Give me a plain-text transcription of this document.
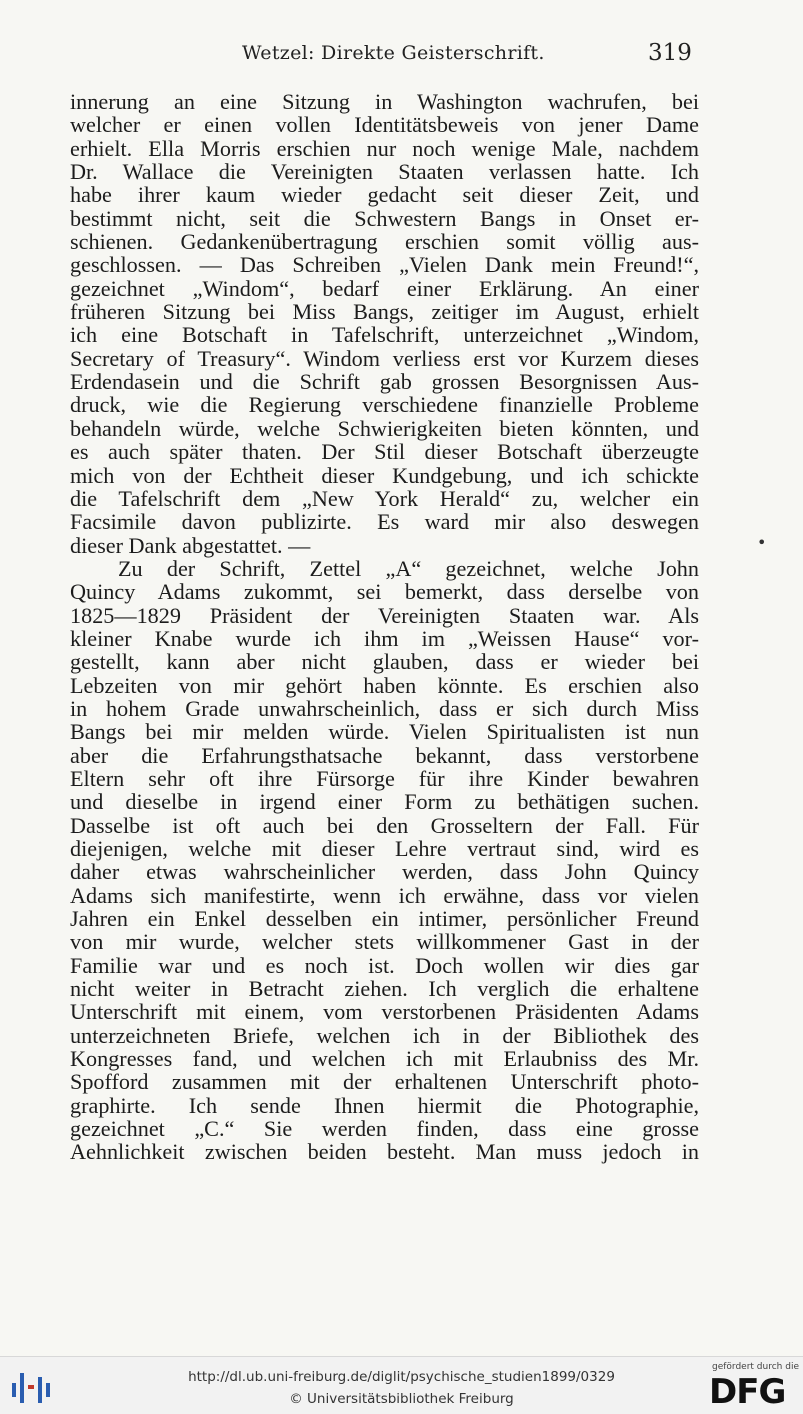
Wetzel: Direkte Geisterschrift.	319
innerung an eine Sitzung in Washington wachrufen, bei
welcher er einen vollen Identitätsbeweis von jener Dame
erhielt. Ella Morris erschien nur noch wenige Male, nachdem
Dr. Wallace die Vereinigten Staaten verlassen hatte. Ich
habe ihrer kaum wieder gedacht seit dieser Zeit, und
bestimmt nicht, seit die Schwestern Bangs in Onset er-
schienen. Gedankenübertragung erschien somit völlig aus-
geschlossen. — Das Schreiben „Vielen Dank mein Freund!“,
gezeichnet „Windom“, bedarf einer Erklärung. An einer
früheren Sitzung bei Miss Bangs, zeitiger im August, erhielt
ich eine Botschaft in Tafelschrift, unterzeichnet „Windom,
Secretary of Treasury“. Windom verliess erst vor Kurzem dieses
Erdendasein und die Schrift gab grossen Besorgnissen Aus-
druck, wie die Regierung verschiedene finanzielle Probleme
behandeln würde, welche Schwierigkeiten bieten könnten, und
es auch später thaten. Der Stil dieser Botschaft überzeugte
mich von der Echtheit dieser Kundgebung, und ich schickte
die Tafelschrift dem „New York Herald“ zu, welcher ein
Facsimile davon publizirte. Es ward mir also deswegen
dieser Dank abgestattet. —
Zu der Schrift, Zettel „A“ gezeichnet, welche John
Quincy Adams zukommt, sei bemerkt, dass derselbe von
1825—1829 Präsident der Vereinigten Staaten war. Als
kleiner Knabe wurde ich ihm im „Weissen Hause“ vor-
gestellt, kann aber nicht glauben, dass er wieder bei
Lebzeiten von mir gehört haben könnte. Es erschien also
in hohem Grade unwahrscheinlich, dass er sich durch Miss
Bangs bei mir melden würde. Vielen Spiritualisten ist nun
aber die Erfahrungsthatsache bekannt, dass verstorbene
Eltern sehr oft ihre Fürsorge für ihre Kinder bewahren
und dieselbe in irgend einer Form zu bethätigen suchen.
Dasselbe ist oft auch bei den Grosseltern der Fall. Für
diejenigen, welche mit dieser Lehre vertraut sind, wird es
daher etwas wahrscheinlicher werden, dass John Quincy
Adams sich manifestirte, wenn ich erwähne, dass vor vielen
Jahren ein Enkel desselben ein intimer, persönlicher Freund
von mir wurde, welcher stets willkommener Gast in der
Familie war und es noch ist. Doch wollen wir dies gar
nicht weiter in Betracht ziehen. Ich verglich die erhaltene
Unterschrift mit einem, vom verstorbenen Präsidenten Adams
unterzeichneten Briefe, welchen ich in der Bibliothek des
Kongresses fand, und welchen ich mit Erlaubniss des Mr.
Spofford zusammen mit der erhaltenen Unterschrift photo-
graphirte. Ich sende Ihnen hiermit die Photographie,
gezeichnet „C.“ Sie werden finden, dass eine grosse
Aehnlichkeit zwischen beiden besteht. Man muss jedoch in
•
http://dl.ub.uni-freiburg.de/diglit/psychische_studien1899/0329
© Universitätsbibliothek Freiburg
gefördert durch die
DFG
